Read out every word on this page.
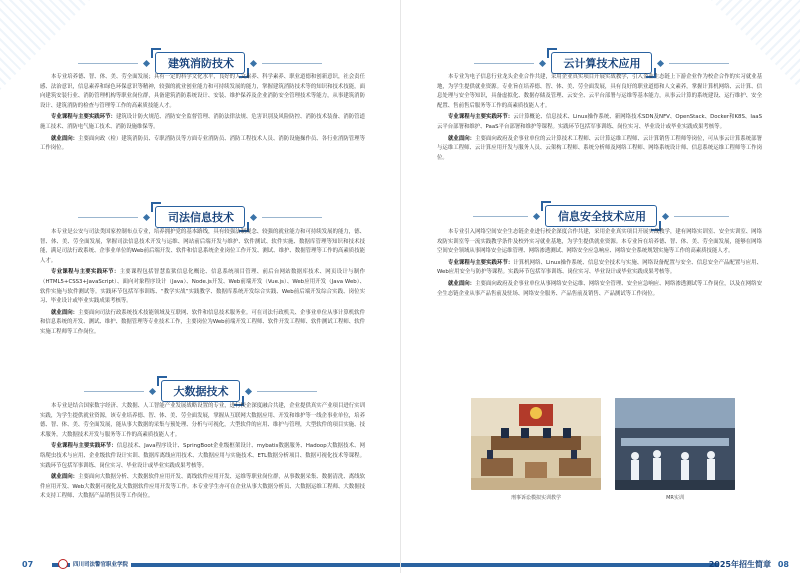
建筑消防技术

本专业培养德、智、体、美、劳全面发展；具有一定的科学文化水平，良好的人文素养、科学素养、职业道德和创新意识，社会责任感、法治意识，信息素养和绿色环保意识等精神，较强的就业创业能力和可持续发展的能力，掌握建筑消防技术等的知识和技术技能，面向建筑安装行业、消防管理机构等职业岗位群，具备建筑消防系统设计、安装、维护保养及企业消防安全管理技术等能力，从事建筑消防设计、建筑消防的检查与管理等工作的高素质技能人才。

专业课程与主要实践环节：建筑设计防火规范、消防安全监督管理、消防法律法规、危害识别及风险防控、消防技术装备、消防管道施工技术、消防电气施工技术、消防设施维保等。

就业面向：主要面向政（检）建筑消防员、专职消防员等方面专业消防员、消防工程技术人员、消防设施操作员、各行业消防管理等工作岗位。

司法信息技术

本专业是公安与司法类国家控制布点专业，培养拥护党的基本路线，具有较强法制观念、较强的就业能力和可持续发展的能力，德、智、体、美、劳全面发展，掌握司法信息技术开发与运维、网站前后端开发与维护、软件测试、软件实施、数据库管理等知识和技术技能，满足司法行政系统、企事业单位的Web前后端开发、软件和信息系统企业岗位工作开发、测试、维护、数据管理等工作的高素质技能人才。

专业课程与主要实践环节：主要课程包括智慧监狱信息化概论、信息系统项目管理、前后台网站数据库技术、网页设计与制作（HTML5+CSS3+JavaScript）、面向对象程序设计（Java）、Node.js开发、Web前端开发（Vue.js）、Web应用开发（Java Web）、软件实施与软件测试等。实践环节包括军事训练、“教学实战”实践教学、数据库系统开发综合实践、Web前后端开发综合实践、岗位实习、毕业设计或毕业实践成果考核等。

就业面向：主要面向司法行政系统技术技能领域及互联网、软件和信息技术服务业。可在司法行政机关、企事业单位从事计算机软件和信息系统的开发、测试、维护、数据管理等专业技术工作，主要岗位为Web前端开发工程师、软件开发工程师、软件测试工程师、软件实施工程师等工作岗位。

大数据技术

本专业是结合国家数字经济、大数据、人工智能产业发展战略设置的专业，进行校企深度融合共建，企业提供真实产业项目进行实训实践，为学生提供就业资源，该专业培养德、智、体、美、劳全面发展，掌握从互联网大数据应用、开发和维护等一线企事业单位，培养德、智、体、美、劳全面发展，能从事大数据的采集与预处理、分析与可视化，大型软件的应用、维护与管理，大型软件的项目实施、技术服务，大数据技术开发与服务等工作的高素质技能人才。

专业课程与主要实践环节：信息技术、Java程序设计、SpringBoot企业级框架设计、mybatis数据服务、Hadoop大数据技术、网络爬虫技术与应用、企业级软件设计实训、数据库离线应用技术、大数据应用与实施技术、ETL数据分析项目、数据可视化技术等课程。实践环节包括军事训练、岗位实习、毕业设计或毕业实践成果考核等。

就业面向：主要面向大数据分析、大数据软件应用开发、离线软件应用开发、运维等职业岗位群，从事数据采集、数据清洗、离线软件应用开发、Web大数据可视化及大数据软件应用开发等工作。本专业学生亦可在企业从事大数据分析员、大数据运维工程师、大数据技术支持工程师、大数据产品销售员等工作岗位。

07	四川司法警官职业学院
云计算技术应用

本专业为电子信息行业龙头企业合作共建，采用企业真实项目开展实战教学，引入企业生态链上下游企业作为校企合作的实习就业基地，为学生提供就业资源。专业旨在培养德、智、体、美、劳全面发展，具有良好的职业道德和人文素养，掌握计算机网络、云计算、信息处理与安全等知识，具备虚拟化、数据存储及管理、云安全、云平台部署与运维等基本能力，从事云计算的系统建设、运行维护、安全配置、售前售后服务等工作的高素质技能人才。

专业课程与主要实践环节：云计算概论、信息技术、Linux操作系统、新网络技术SDN及NFV、OpenStack、Docker和K8S、IaaS云平台部署和维护、PaaS平台部署和维护等课程。实践环节包括军事训练、岗位实习、毕业设计或毕业实践成果考核等。

就业面向：主要面向政府及企事业单位的云计算技术工程师、云计算运维工程师、云计算销售工程师等岗位，可从事云计算系统部署与运维工程师、云计算应用开发与服务人员、云架构工程师、系统分析师及网络工程师、网络系统设计师、信息系统运维工程师等工作岗位。

信息安全技术应用

本专业引入网络空间安全生态链企业进行校企深度合作共建，采用企业真实项目开展实战教学，建有网络实训室、安全实训室、网络攻防实训室等一流实践教学条件及校外实习就业基地，为学生提供就业资源。本专业旨在培养德、智、体、美、劳全面发展，能够在网络空间安全领域从事网络安全运维管理、网络渗透测试、网络安全应急响应、网络安全系统规划实施等工作的高素质技能人才。

专业课程与主要实践环节：计算机网络、Linux操作系统、信息安全技术与实施、网络设备配置与安全、信息安全产品配置与应用、Web应用安全与防护等课程。实践环节包括军事训练、岗位实习、毕业设计或毕业实践成果考核等。

就业面向：主要面向政府及企事业单位从事网络安全运维、网络安全管理、安全应急响应、网络渗透测试等工作岗位，以及在网络安全生态链企业从事产品售前及驻场、网络安全服务、产品售前及销售、产品测试等工作岗位。

刑事诉讼模拟实训教学	MR实训
2025年招生简章 08
